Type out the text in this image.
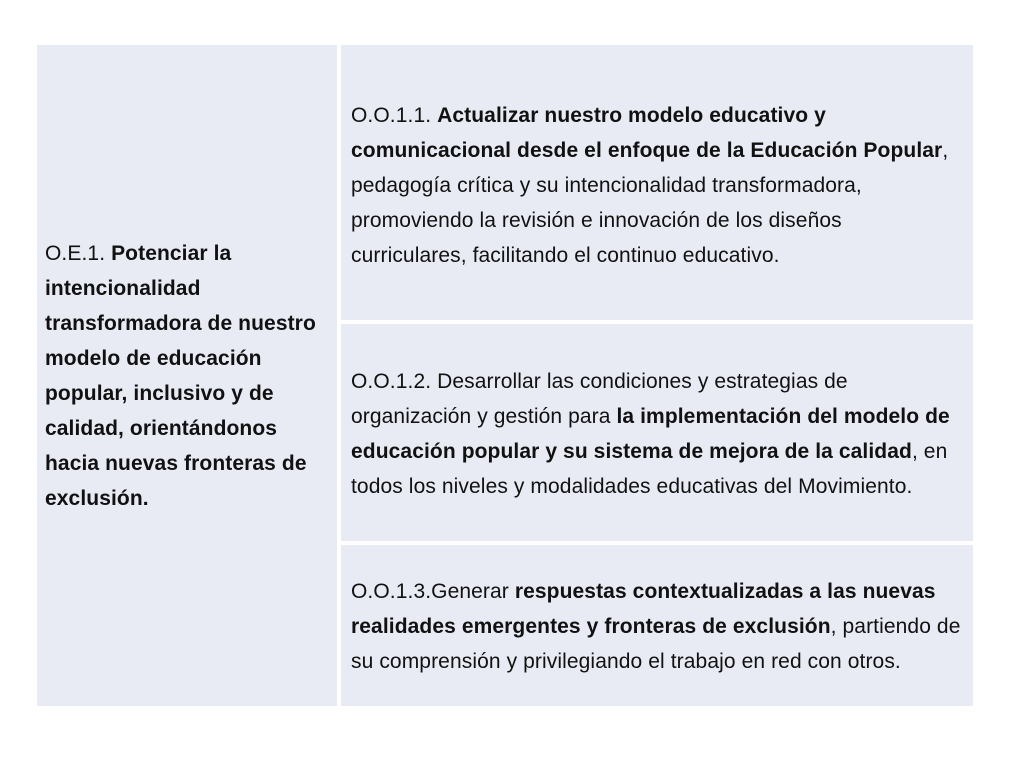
O.E.1. Potenciar la intencionalidad transformadora de nuestro modelo de educación popular, inclusivo y de calidad, orientándonos hacia nuevas fronteras de exclusión.

O.O.1.1. Actualizar nuestro modelo educativo y comunicacional desde el enfoque de la Educación Popular, pedagogía crítica y su intencionalidad transformadora, promoviendo la revisión e innovación de los diseños curriculares, facilitando el continuo educativo.

O.O.1.2. Desarrollar las condiciones y estrategias de organización y gestión para la implementación del modelo de educación popular y su sistema de mejora de la calidad, en todos los niveles y modalidades educativas del Movimiento.

O.O.1.3.Generar respuestas contextualizadas a las nuevas realidades emergentes y fronteras de exclusión, partiendo de su comprensión y privilegiando el trabajo en red con otros.
